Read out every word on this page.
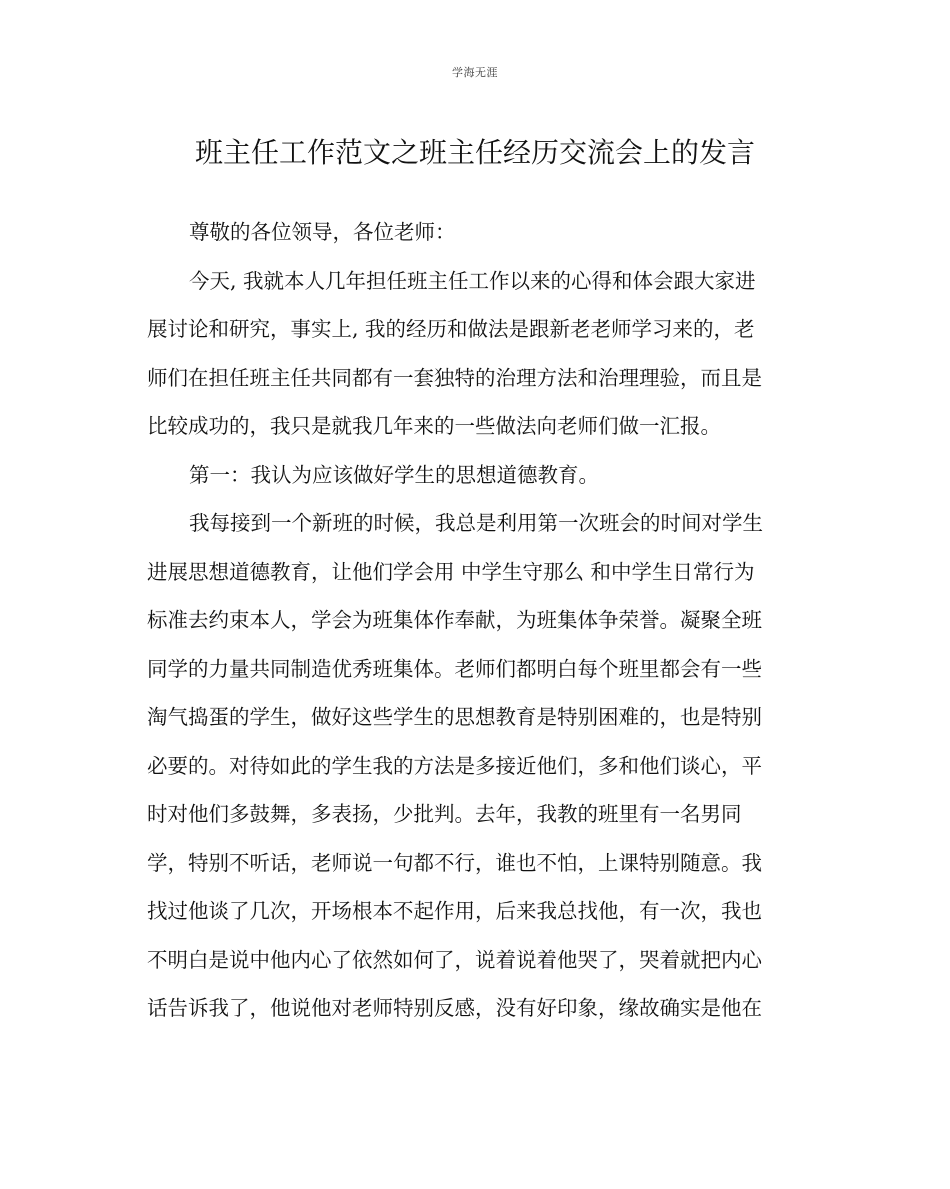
学海无涯
班主任工作范文之班主任经历交流会上的发言
尊敬的各位领导，各位老师：
今天, 我就本人几年担任班主任工作以来的心得和体会跟大家进
展讨论和研究，事实上, 我的经历和做法是跟新老老师学习来的，老
师们在担任班主任共同都有一套独特的治理方法和治理理验，而且是
比较成功的，我只是就我几年来的一些做法向老师们做一汇报。
第一：我认为应该做好学生的思想道德教育。
我每接到一个新班的时候，我总是利用第一次班会的时间对学生
进展思想道德教育，让他们学会用 中学生守那么 和中学生日常行为
标准去约束本人，学会为班集体作奉献，为班集体争荣誉。凝聚全班
同学的力量共同制造优秀班集体。老师们都明白每个班里都会有一些
淘气捣蛋的学生，做好这些学生的思想教育是特别困难的，也是特别
必要的。对待如此的学生我的方法是多接近他们，多和他们谈心，平
时对他们多鼓舞，多表扬，少批判。去年，我教的班里有一名男同
学，特别不听话，老师说一句都不行，谁也不怕，上课特别随意。我
找过他谈了几次，开场根本不起作用，后来我总找他，有一次，我也
不明白是说中他内心了依然如何了，说着说着他哭了，哭着就把内心
话告诉我了，他说他对老师特别反感，没有好印象，缘故确实是他在
